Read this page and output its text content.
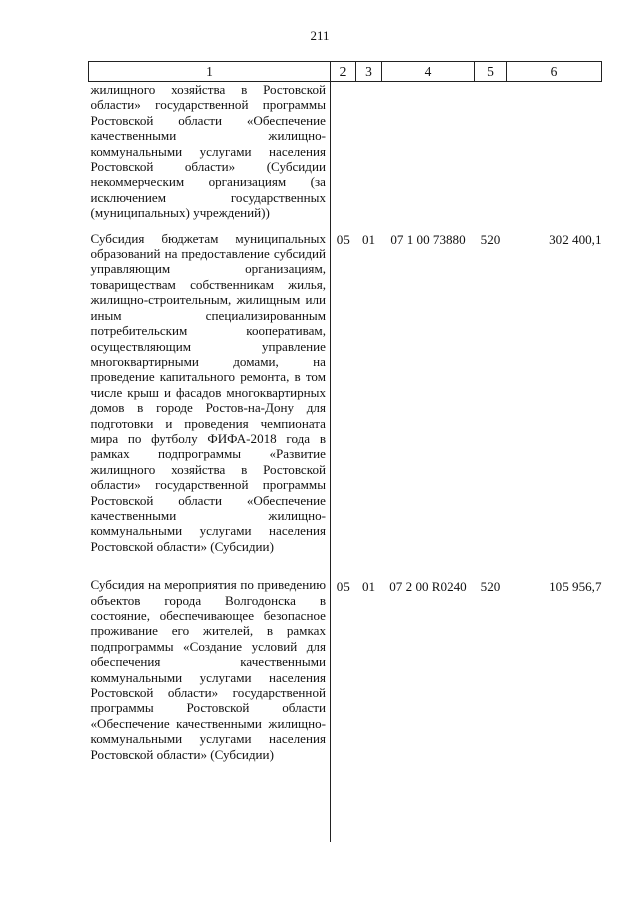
211
1	2	3	4	5	6
жилищного хозяйства в Ростовской области» государственной программы Ростовской области «Обеспечение качественными жилищно-коммунальными услугами населения Ростовской области» (Субсидии некоммерческим организациям (за исключением государственных (муниципальных) учреждений))					
Субсидия бюджетам муниципальных образований на предоставление субсидий управляющим организациям, товариществам собственникам жилья, жилищно-строительным, жилищным или иным специализированным потребительским кооперативам, осуществляющим управление многоквартирными домами, на проведение капитального ремонта, в том числе крыш и фасадов многоквартирных домов в городе Ростов-на-Дону для подготовки и проведения чемпионата мира по футболу ФИФА-2018 года в рамках подпрограммы «Развитие жилищного хозяйства в Ростовской области» государственной программы Ростовской области «Обеспечение качественными жилищно-коммунальными услугами населения Ростовской области» (Субсидии)	05	01	07 1 00 73880	520	302 400,1
Субсидия на мероприятия по приведению объектов города Волгодонска в состояние, обеспечивающее безопасное проживание его жителей, в рамках подпрограммы «Создание условий для обеспечения качественными коммунальными услугами населения Ростовской области» государственной программы Ростовской области «Обеспечение качественными жилищно-коммунальными услугами населения Ростовской области» (Субсидии)	05	01	07 2 00 R0240	520	105 956,7
